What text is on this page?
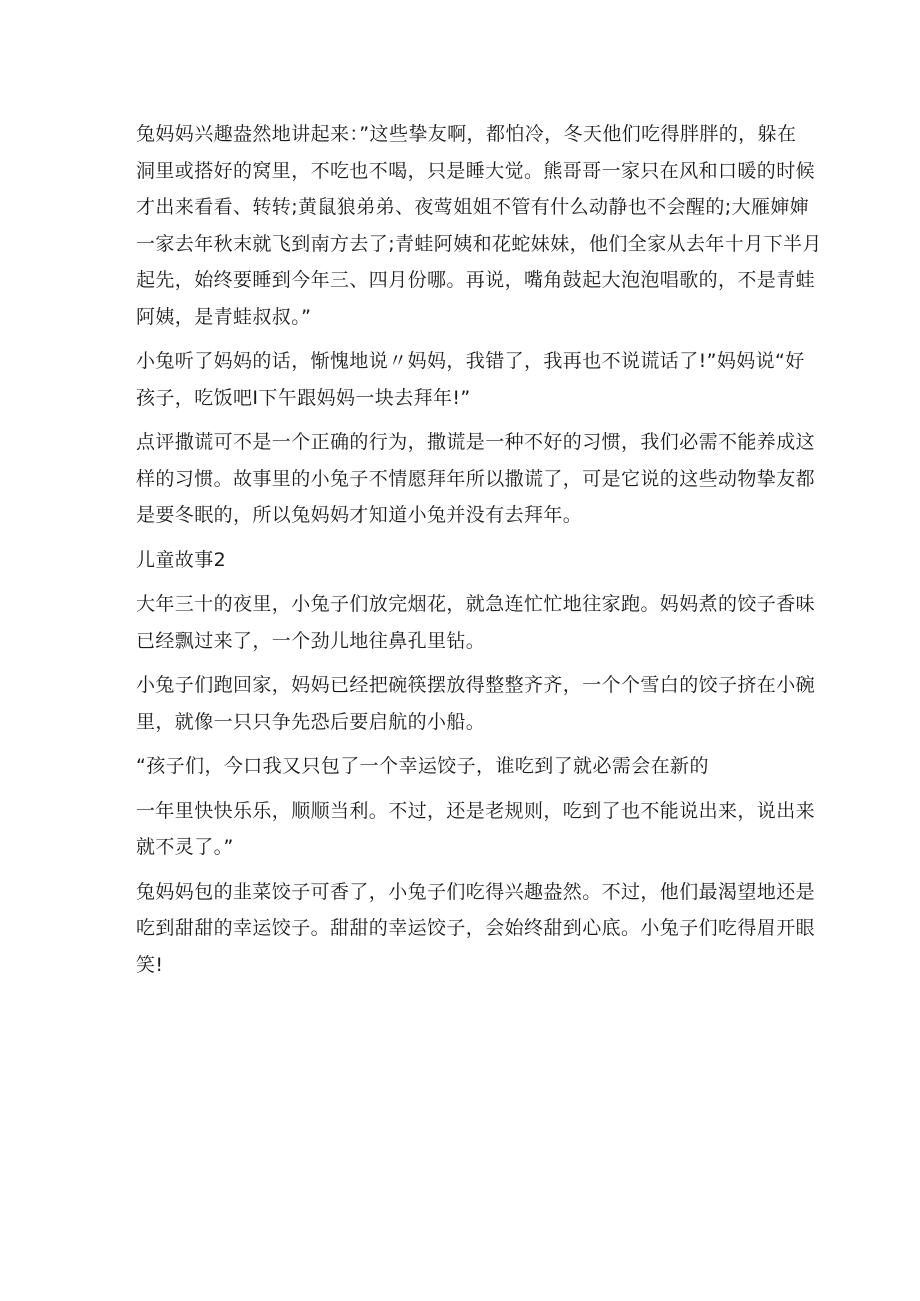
兔妈妈兴趣盎然地讲起来：”这些挚友啊，都怕冷，冬天他们吃得胖胖的，躲在
洞里或搭好的窝里，不吃也不喝，只是睡大觉。熊哥哥一家只在风和口暖的时候
才出来看看、转转;黄鼠狼弟弟、夜莺姐姐不管有什么动静也不会醒的;大雁婶婶
一家去年秋末就飞到南方去了;青蛙阿姨和花蛇妹妹，他们全家从去年十月下半月
起先，始终要睡到今年三、四月份哪。再说，嘴角鼓起大泡泡唱歌的，不是青蛙
阿姨，是青蛙叔叔。”
小兔听了妈妈的话，惭愧地说〃妈妈，我错了，我再也不说谎话了!”妈妈说“好
孩子，吃饭吧I下午跟妈妈一块去拜年!”
点评撒谎可不是一个正确的行为，撒谎是一种不好的习惯，我们必需不能养成这
样的习惯。故事里的小兔子不情愿拜年所以撒谎了，可是它说的这些动物挚友都
是要冬眠的，所以兔妈妈才知道小兔并没有去拜年。
儿童故事2
大年三十的夜里，小兔子们放完烟花，就急连忙忙地往家跑。妈妈煮的饺子香味
已经飘过来了，一个劲儿地往鼻孔里钻。
小兔子们跑回家，妈妈已经把碗筷摆放得整整齐齐，一个个雪白的饺子挤在小碗
里，就像一只只争先恐后要启航的小船。
“孩子们，今口我又只包了一个幸运饺子，谁吃到了就必需会在新的
一年里快快乐乐，顺顺当利。不过，还是老规则，吃到了也不能说出来，说出来
就不灵了。”
兔妈妈包的韭菜饺子可香了，小兔子们吃得兴趣盎然。不过，他们最渴望地还是
吃到甜甜的幸运饺子。甜甜的幸运饺子，会始终甜到心底。小兔子们吃得眉开眼
笑!
